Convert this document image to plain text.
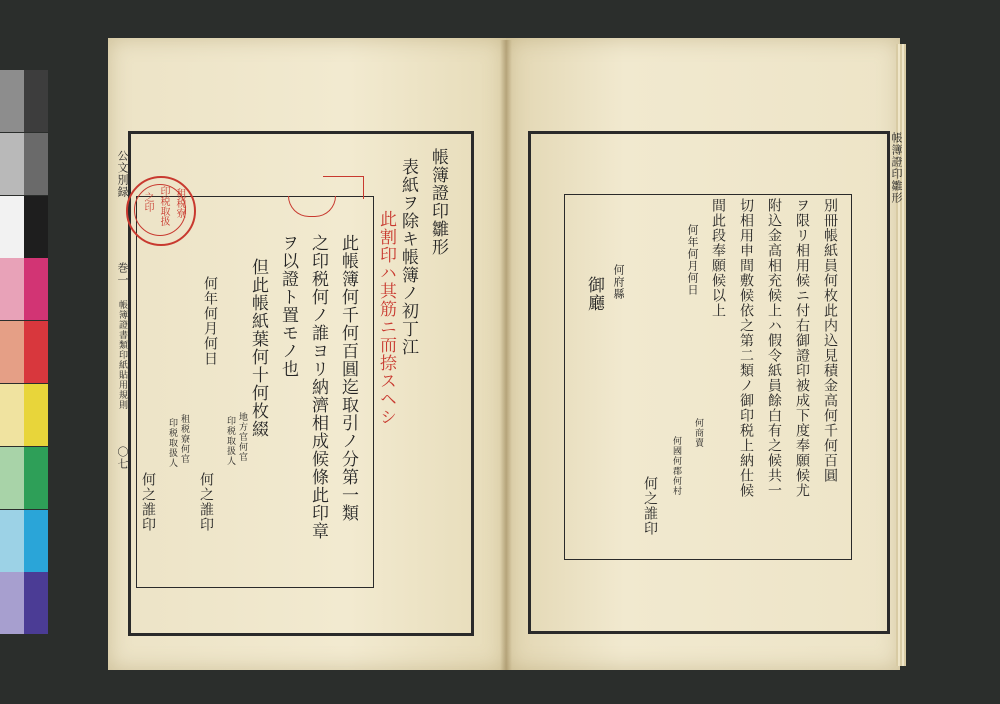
租税寮
印税取扱
之印	帳簿證印雛形
表紙ヲ除キ帳簿ノ初丁江
此割印ハ其筋ニ而捺スヘシ
此帳簿何千何百圓迄取引ノ分第一類
之印税何ノ誰ヨリ納濟相成候條此印章
ヲ以證ト置モノ也
但此帳紙葉何十何枚綴
何年何月何日
地方官何官
印税取扱人
何之誰印
租税寮何官
印税取扱人
何之誰印
公文別録
巻一
帳簿證書類印紙貼用規則
〇七	別冊帳紙員何枚此内込見積金高何千何百圓
ヲ限リ相用候ニ付右御證印被成下度奉願候尤
附込金高相充候上ハ假令紙員餘白有之候共一
切相用申間敷候依之第二類ノ御印税上納仕候
間此段奉願候以上
何年何月何日
何府縣
御廳
何商賣
何國何郡何村
何之誰印
帳簿證印雛形
